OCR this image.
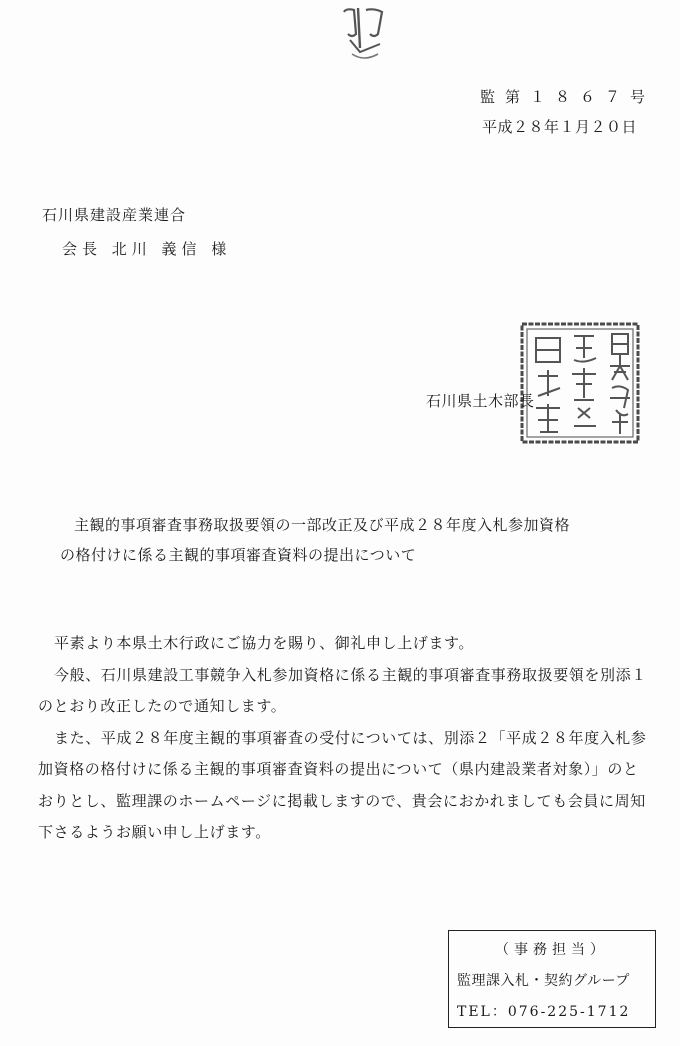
監第１８６７号
平成２８年１月２０日
石川県建設産業連合
会長 北川 義信 様
石川県土木部長
主観的事項審査事務取扱要領の一部改正及び平成２８年度入札参加資格
の格付けに係る主観的事項審査資料の提出について
平素より本県土木行政にご協力を賜り、御礼申し上げます。
今般、石川県建設工事競争入札参加資格に係る主観的事項審査事務取扱要領を別添１
のとおり改正したので通知します。
また、平成２８年度主観的事項審査の受付については、別添２「平成２８年度入札参
加資格の格付けに係る主観的事項審査資料の提出について（県内建設業者対象）」のと
おりとし、監理課のホームページに掲載しますので、貴会におかれましても会員に周知
下さるようお願い申し上げます。
（事務担当）
監理課入札・契約グループ
TEL：076-225-1712
